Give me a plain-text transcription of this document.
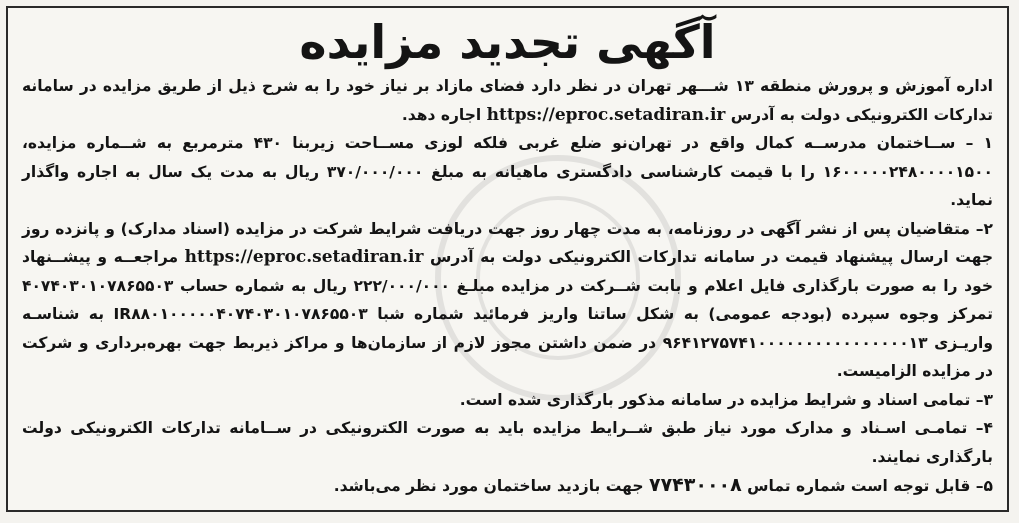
آگهی تجدید مزایده

اداره آموزش و پرورش منطقه ۱۳ شـــهر تهران در نظر دارد فضای مازاد بر نیاز خود را به شرح ذیل از طریق مزایده در سامانه تدارکات الکترونیکی دولت به آدرس https://eproc.setadiran.ir اجاره دهد.

۱ – ســاختمان مدرســه کمال واقع در تهران‌نو ضلع غربی فلکه لوزی مســاحت زیربنا ۴۳۰ مترمربع به شــماره مزایده، ۱۶۰۰۰۰۰۲۴۸۰۰۰۰۱۵۰۰ را با قیمت کارشناسی دادگستری ماهیانه به مبلغ ۳۷۰/۰۰۰/۰۰۰ ریال به مدت یک سال به اجاره واگذار نماید.

۲– متقاضیان پس از نشر آگهی در روزنامه، به مدت چهار روز جهت دریافت شرایط شرکت در مزایده (اسناد مدارک) و پانزده روز جهت ارسال پیشنهاد قیمت در سامانه تدارکات الکترونیکی دولت به آدرس https://eproc.setadiran.ir مراجعــه و پیشــنهاد خود را به صورت بارگذاری فایل اعلام و بابت شــرکت در مزایده مبلـغ ۲۲۲/۰۰۰/۰۰۰ ریال به شماره حساب ۴۰۷۴۰۳۰۱۰۷۸۶۵۵۰۳ تمرکز وجوه سپرده (بودجه عمومی) به شکل ساتنا واریز فرمائید شماره شبا IR۸۸۰۱۰۰۰۰۰۴۰۷۴۰۳۰۱۰۷۸۶۵۵۰۳ به شناسـه واریـزی ۹۶۴۱۲۷۵۷۴۱۰۰۰۰۰۰۰۰۰۰۰۰۰۰۰۰۱۳ در ضمن داشتن مجوز لازم از سازمان‌ها و مراکز ذیربط جهت بهره‌برداری و شرکت در مزایده الزامیست.

۳– تمامی اسناد و شرایط مزایده در سامانه مذکور بارگذاری شده است.

۴– تمامـی اسـناد و مدارک مورد نیاز طبق شــرایط مزایده باید به صورت الکترونیکی در ســامانه تدارکات الکترونیکی دولت بارگذاری نمایند.

۵– قابل توجه است شماره تماس ۷۷۴۳۰۰۰۸ جهت بازدید ساختمان مورد نظر می‌باشد.
